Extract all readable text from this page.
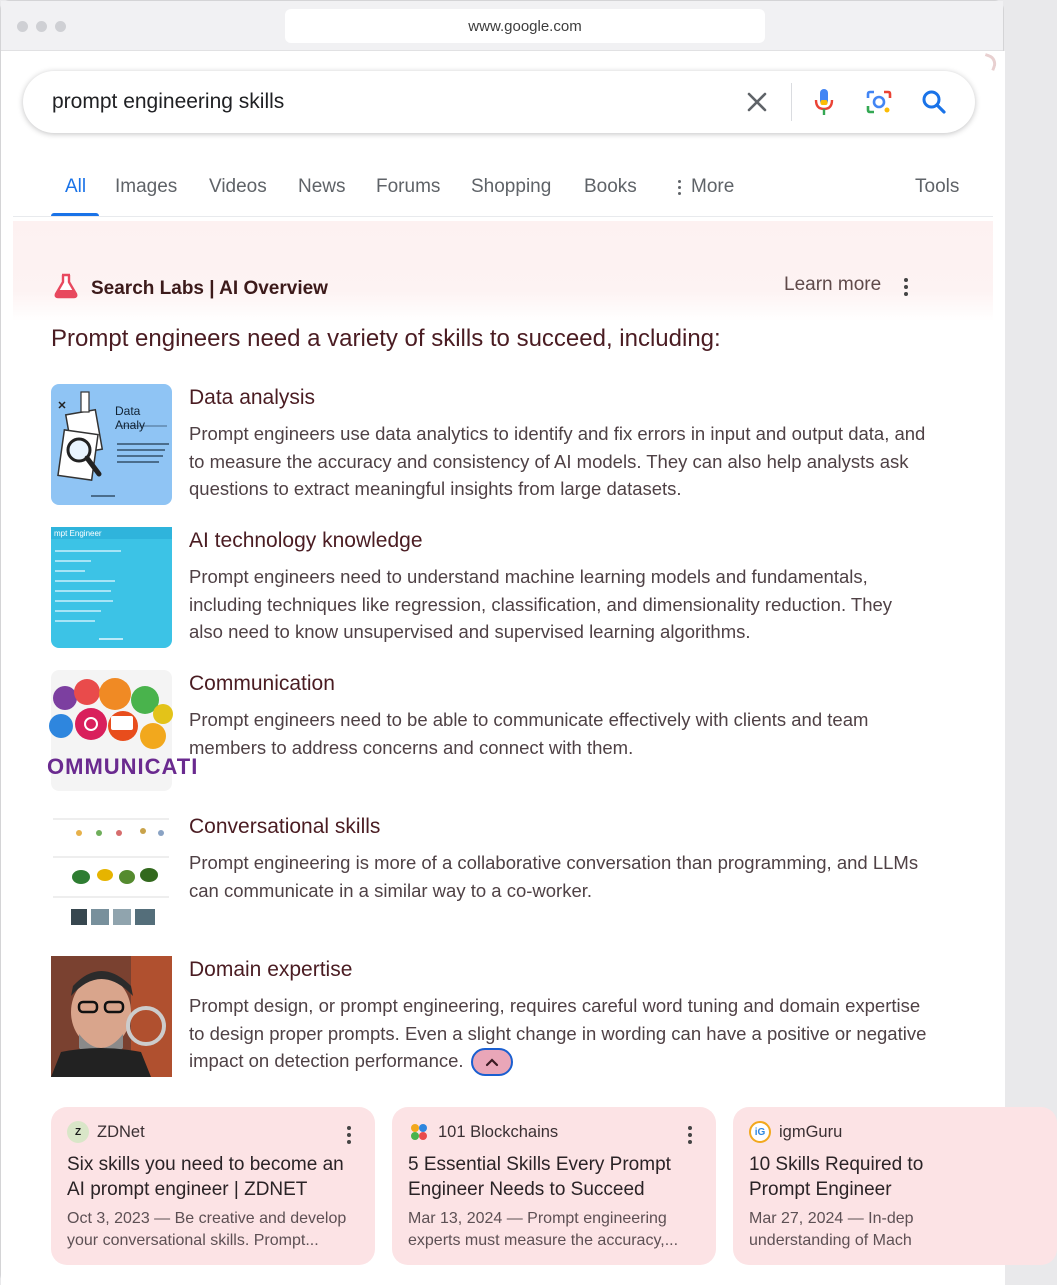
www.google.com
prompt engineering skills
All Images Videos News Forums Shopping Books	More	Tools
Search Labs | AI Overview	Learn more
Prompt engineers need a variety of skills to succeed, including:
Data Analy
Data analysis
Prompt engineers use data analytics to identify and fix errors in input and output data, and to measure the accuracy and consistency of AI models. They can also help analysts ask questions to extract meaningful insights from large datasets.
mpt Engineer	AI technology knowledge
Prompt engineers need to understand machine learning models and fundamentals, including techniques like regression, classification, and dimensionality reduction. They also need to know unsupervised and supervised learning algorithms.
OMMUNICATI
Communication
Prompt engineers need to be able to communicate effectively with clients and team members to address concerns and connect with them.
Conversational skills
Prompt engineering is more of a collaborative conversation than programming, and LLMs can communicate in a similar way to a co-worker.
Domain expertise
Prompt design, or prompt engineering, requires careful word tuning and domain expertise to design proper prompts. Even a slight change in wording can have a positive or negative impact on detection performance.
Z ZDNet
Six skills you need to become an
AI prompt engineer | ZDNET
Oct 3, 2023 — Be creative and develop
your conversational skills. Prompt...
101 Blockchains
5 Essential Skills Every Prompt
Engineer Needs to Succeed
Mar 13, 2024 — Prompt engineering
experts must measure the accuracy,...
iG igmGuru
10 Skills Required to
Prompt Engineer
Mar 27, 2024 — In-dep
understanding of Mach
